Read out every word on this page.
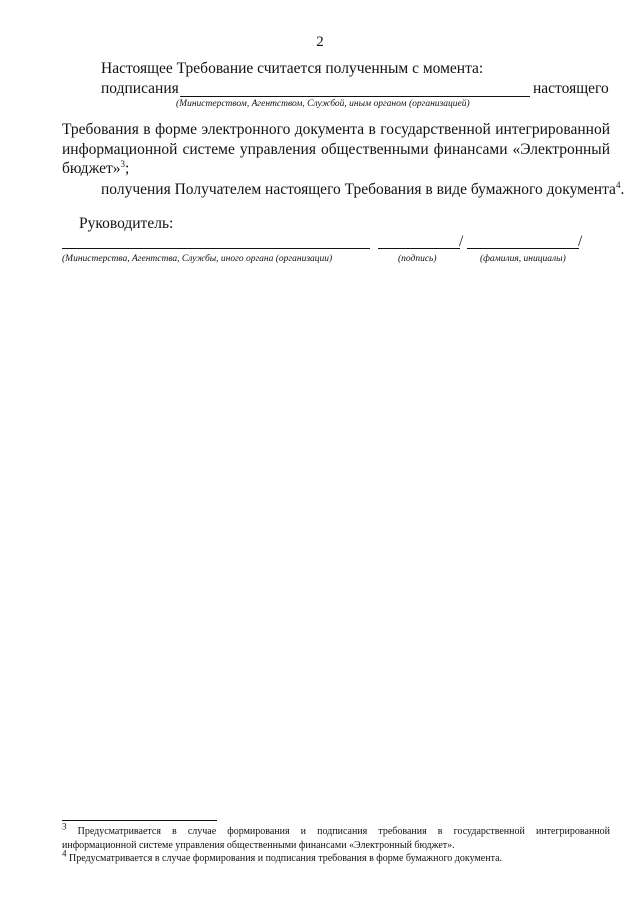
2
Настоящее Требование считается полученным с момента:
подписания	настоящего
(Министерством, Агентством, Службой, иным органом (организацией)
Требования в форме электронного документа в государственной интегрированной
информационной системе управления общественными финансами «Электронный
бюджет»$^3$;
получения Получателем настоящего Требования в виде бумажного документа$^4$.
Руководитель:
/	/
(Министерства, Агентства, Службы, иного органа (организации)	(подпись)	(фамилия, инициалы)
$^3$ Предусматривается в случае формирования и подписания требования в государственной интегрированной
информационной системе управления общественными финансами «Электронный бюджет».
$^4$ Предусматривается в случае формирования и подписания требования в форме бумажного документа.
